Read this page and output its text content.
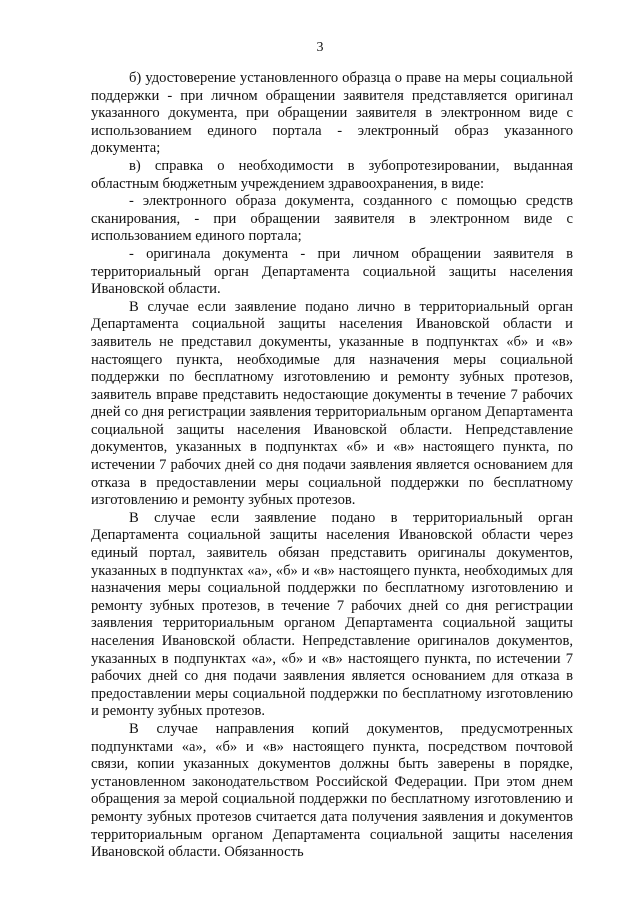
3

б) удостоверение установленного образца о праве на меры социальной поддержки - при личном обращении заявителя представляется оригинал указанного документа, при обращении заявителя в электронном виде с использованием единого портала - электронный образ указанного документа;

в) справка о необходимости в зубопротезировании, выданная областным бюджетным учреждением здравоохранения, в виде:

- электронного образа документа, созданного с помощью средств сканирования, - при обращении заявителя в электронном виде с использованием единого портала;

- оригинала документа - при личном обращении заявителя в территориальный орган Департамента социальной защиты населения Ивановской области.

В случае если заявление подано лично в территориальный орган Департамента социальной защиты населения Ивановской области и заявитель не представил документы, указанные в подпунктах «б» и «в» настоящего пункта, необходимые для назначения меры социальной поддержки по бесплатному изготовлению и ремонту зубных протезов, заявитель вправе представить недостающие документы в течение 7 рабочих дней со дня регистрации заявления территориальным органом Департамента социальной защиты населения Ивановской области. Непредставление документов, указанных в подпунктах «б» и «в» настоящего пункта, по истечении 7 рабочих дней со дня подачи заявления является основанием для отказа в предоставлении меры социальной поддержки по бесплатному изготовлению и ремонту зубных протезов.

В случае если заявление подано в территориальный орган Департамента социальной защиты населения Ивановской области через единый портал, заявитель обязан представить оригиналы документов, указанных в подпунктах «а», «б» и «в» настоящего пункта, необходимых для назначения меры социальной поддержки по бесплатному изготовлению и ремонту зубных протезов, в течение 7 рабочих дней со дня регистрации заявления территориальным органом Департамента социальной защиты населения Ивановской области. Непредставление оригиналов документов, указанных в подпунктах «а», «б» и «в» настоящего пункта, по истечении 7 рабочих дней со дня подачи заявления является основанием для отказа в предоставлении меры социальной поддержки по бесплатному изготовлению и ремонту зубных протезов.

В случае направления копий документов, предусмотренных подпунктами «а», «б» и «в» настоящего пункта, посредством почтовой связи, копии указанных документов должны быть заверены в порядке, установленном законодательством Российской Федерации. При этом днем обращения за мерой социальной поддержки по бесплатному изготовлению и ремонту зубных протезов считается дата получения заявления и документов территориальным органом Департамента социальной защиты населения Ивановской области. Обязанность
